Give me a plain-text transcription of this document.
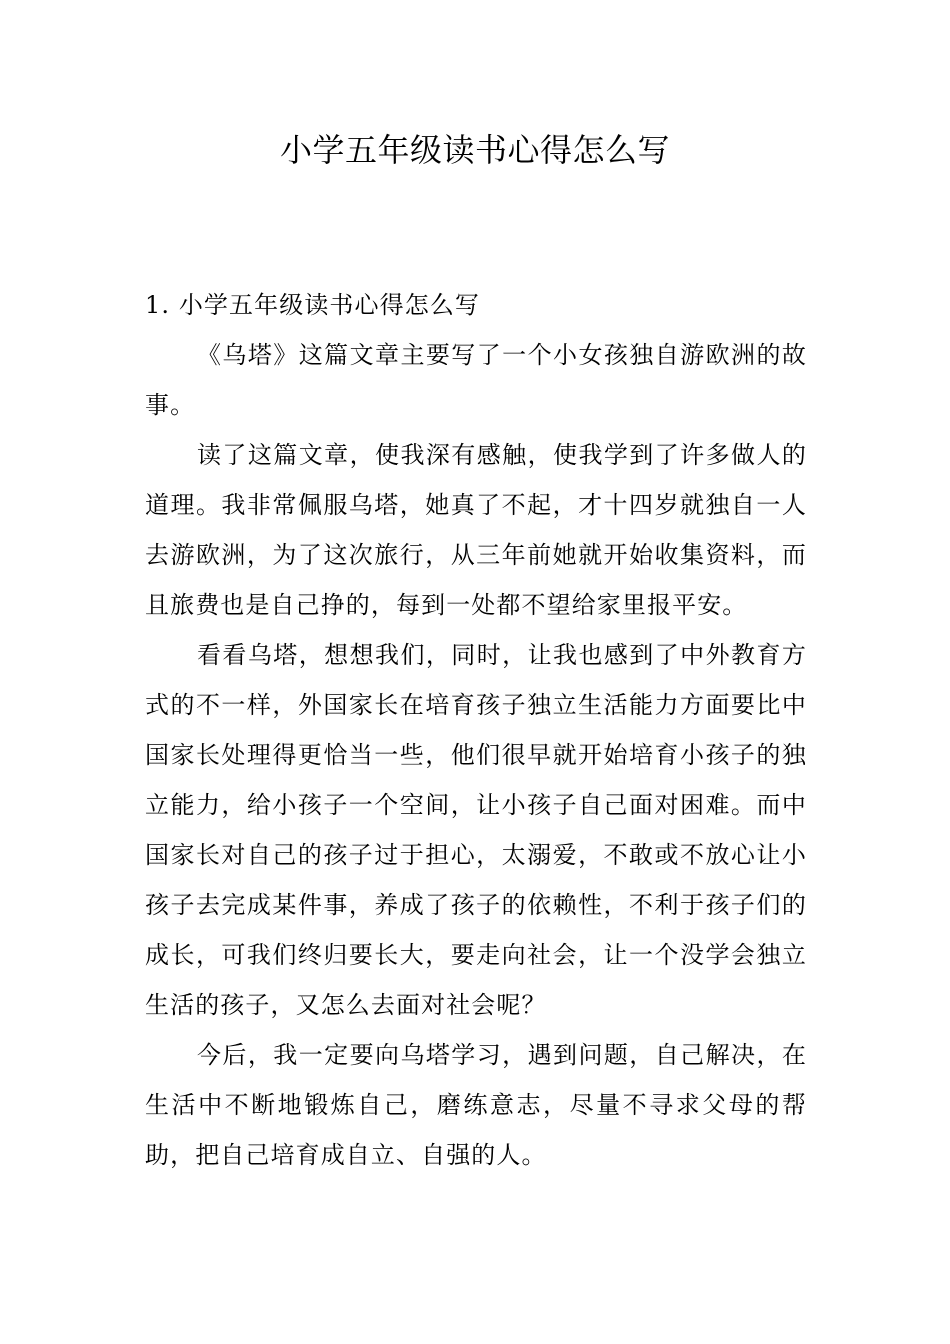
小学五年级读书心得怎么写

1. 小学五年级读书心得怎么写

《乌塔》这篇文章主要写了一个小女孩独自游欧洲的故事。

读了这篇文章，使我深有感触，使我学到了许多做人的道理。我非常佩服乌塔，她真了不起，才十四岁就独自一人去游欧洲，为了这次旅行，从三年前她就开始收集资料，而且旅费也是自己挣的，每到一处都不望给家里报平安。

看看乌塔，想想我们，同时，让我也感到了中外教育方式的不一样，外国家长在培育孩子独立生活能力方面要比中国家长处理得更恰当一些，他们很早就开始培育小孩子的独立能力，给小孩子一个空间，让小孩子自己面对困难。而中国家长对自己的孩子过于担心，太溺爱，不敢或不放心让小孩子去完成某件事，养成了孩子的依赖性，不利于孩子们的成长，可我们终归要长大，要走向社会，让一个没学会独立生活的孩子，又怎么去面对社会呢？

今后，我一定要向乌塔学习，遇到问题，自己解决，在生活中不断地锻炼自己，磨练意志，尽量不寻求父母的帮助，把自己培育成自立、自强的人。
